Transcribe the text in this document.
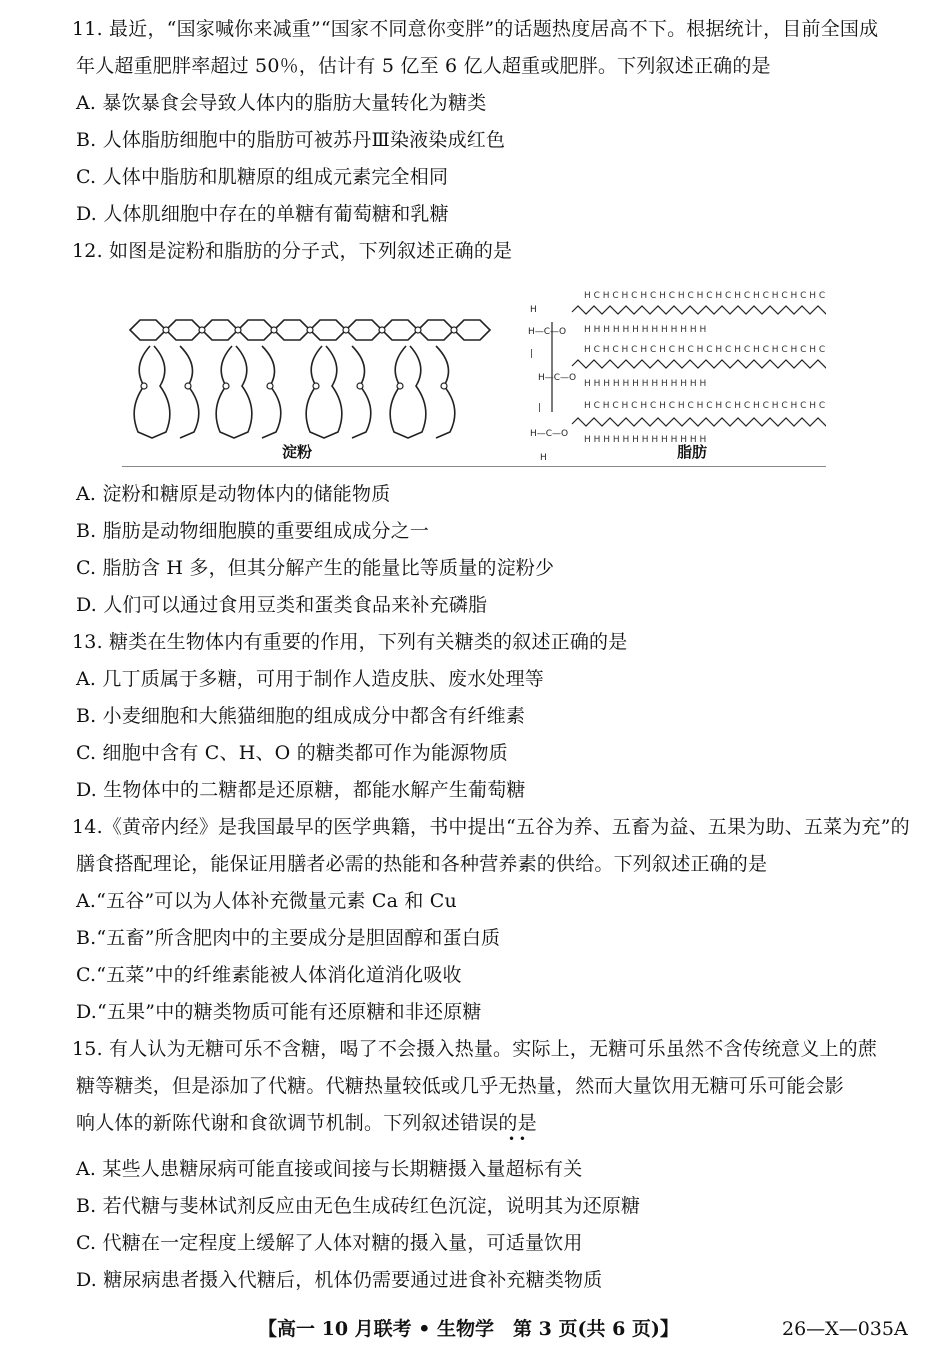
11. 最近，“国家喊你来减重”“国家不同意你变胖”的话题热度居高不下。根据统计，目前全国成
年人超重肥胖率超过 50％，估计有 5 亿至 6 亿人超重或肥胖。下列叙述正确的是
A. 暴饮暴食会导致人体内的脂肪大量转化为糖类
B. 人体脂肪细胞中的脂肪可被苏丹Ⅲ染液染成红色
C. 人体中脂肪和肌糖原的组成元素完全相同
D. 人体肌细胞中存在的单糖有葡萄糖和乳糖
12. 如图是淀粉和脂肪的分子式，下列叙述正确的是
H
H—C—O
|
H—C—O
|
H—C—O
H
H C H C H C H C H C H C H C H C H C H C H C H C H C H H
H H H H H H H H H H H H H
H C H C H C H C H C H C H C H C H C H C H C H C H C H H
H H H H H H H H H H H H H
H C H C H C H C H C H C H C H C H C H C H C H C H C H H
H H H H H H H H H H H H H
淀粉	脂肪
A. 淀粉和糖原是动物体内的储能物质
B. 脂肪是动物细胞膜的重要组成成分之一
C. 脂肪含 H 多，但其分解产生的能量比等质量的淀粉少
D. 人们可以通过食用豆类和蛋类食品来补充磷脂
13. 糖类在生物体内有重要的作用，下列有关糖类的叙述正确的是
A. 几丁质属于多糖，可用于制作人造皮肤、废水处理等
B. 小麦细胞和大熊猫细胞的组成成分中都含有纤维素
C. 细胞中含有 C、H、O 的糖类都可作为能源物质
D. 生物体中的二糖都是还原糖，都能水解产生葡萄糖
14.《黄帝内经》是我国最早的医学典籍，书中提出“五谷为养、五畜为益、五果为助、五菜为充”的
膳食搭配理论，能保证用膳者必需的热能和各种营养素的供给。下列叙述正确的是
A.“五谷”可以为人体补充微量元素 Ca 和 Cu
B.“五畜”所含肥肉中的主要成分是胆固醇和蛋白质
C.“五菜”中的纤维素能被人体消化道消化吸收
D.“五果”中的糖类物质可能有还原糖和非还原糖
15. 有人认为无糖可乐不含糖，喝了不会摄入热量。实际上，无糖可乐虽然不含传统意义上的蔗
糖等糖类，但是添加了代糖。代糖热量较低或几乎无热量，然而大量饮用无糖可乐可能会影
响人体的新陈代谢和食欲调节机制。下列叙述错误的是
• •
A. 某些人患糖尿病可能直接或间接与长期糖摄入量超标有关
B. 若代糖与斐林试剂反应由无色生成砖红色沉淀，说明其为还原糖
C. 代糖在一定程度上缓解了人体对糖的摄入量，可适量饮用
D. 糖尿病患者摄入代糖后，机体仍需要通过进食补充糖类物质
【高一 10 月联考 • 生物学　第 3 页(共 6 页)】	26—X—035A
